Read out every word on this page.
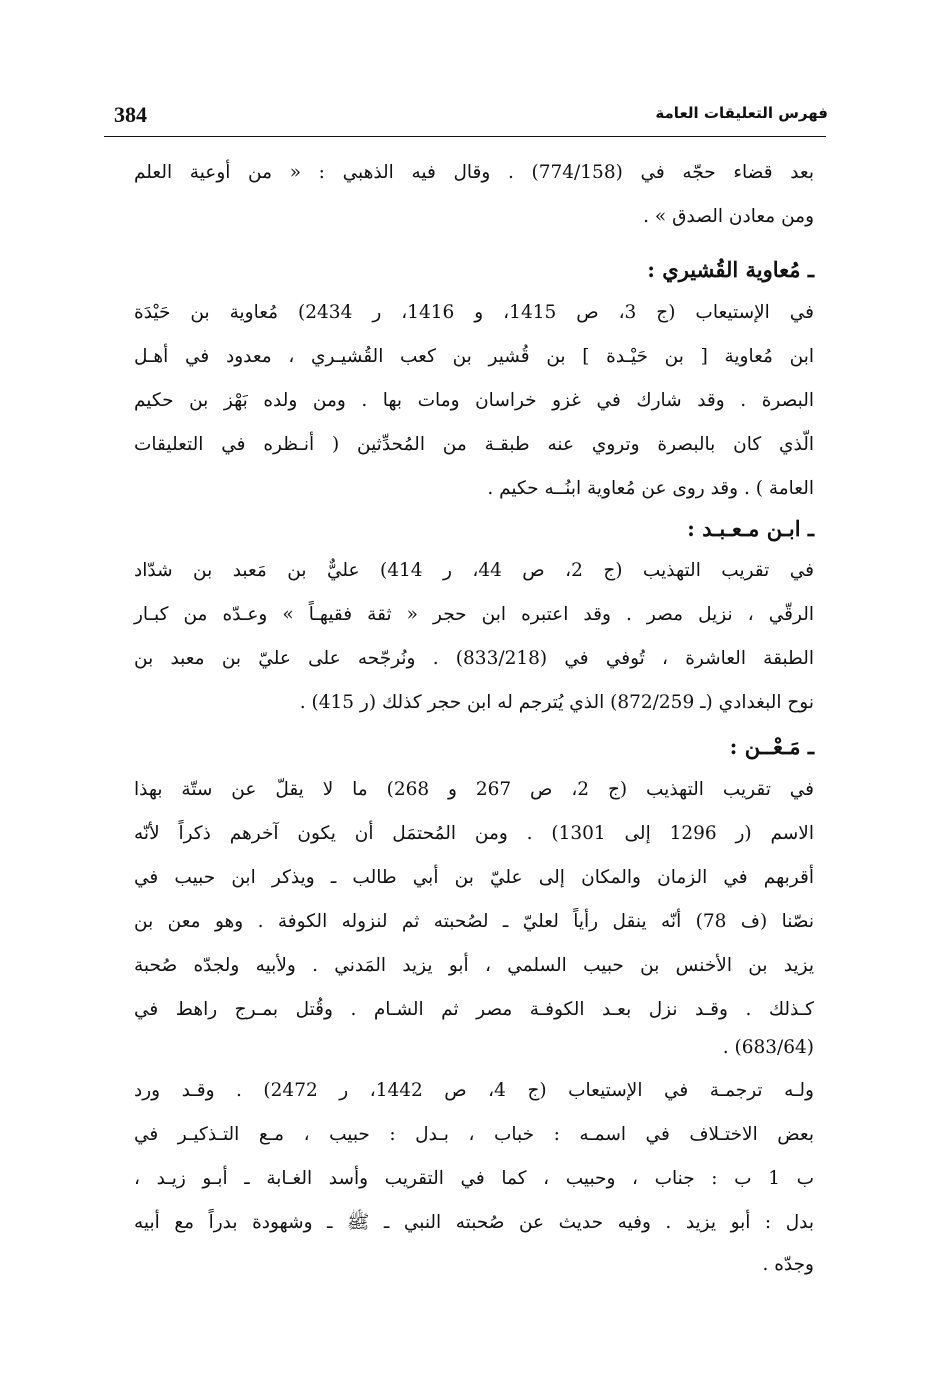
384	فهرس التعليقات العامة
بعد قضاء حجّه في (774/158) . وقال فيه الذهبي : « من أوعية العلم
ومن معادن الصدق » .
ـ مُعاوية القُشيري :
في الإستيعاب (ج 3، ص 1415، و 1416، ر 2434) مُعاوية بن حَيْدَة
ابن مُعاوية [ بن حَيْـدة ] بن قُشير بن كعب القُشيـري ، معدود في أهـل
البصرة . وقد شارك في غزو خراسان ومات بها . ومن ولده بَهْز بن حكيم
الّذي كان بالبصرة وتروي عنه طبقـة من المُحدِّثين ( أنـظره في التعليقات
العامة ) . وقد روى عن مُعاوية ابنُــه حكيم .
ـ ابـن مـعـبـد :
في تقريب التهذيب (ج 2، ص 44، ر 414) عليٌّ بن مَعبد بن شدّاد
الرقّي ، نزيل مصر . وقد اعتبره ابن حجر « ثقة فقيهـاً » وعـدّه من كبـار
الطبقة العاشرة ، تُوفي في (833/218) . ونُرجّحه على عليّ بن معبد بن
نوح البغدادي (ـ 872/259) الذي يُترجم له ابن حجر كذلك (ر 415) .
ـ مَـعْــن :
في تقريب التهذيب (ج 2، ص 267 و 268) ما لا يقلّ عن ستّة بهذا
الاسم (ر 1296 إلى 1301) . ومن المُحتمَل أن يكون آخرهم ذكراً لأنّه
أقربهم في الزمان والمكان إلى عليّ بن أبي طالب ـ ويذكر ابن حبيب في
نصّنا (ف 78) أنّه ينقل رأياً لعليّ ـ لصُحبته ثم لنزوله الكوفة . وهو معن بن
يزيد بن الأخنس بن حبيب السلمي ، أبو يزيد المَدني . ولأبيه ولجدّه صُحبة
كـذلك . وقـد نزل بعـد الكوفـة مصر ثم الشـام . وقُتل بمـرج راهط في
(683/64) .
ولـه ترجمـة في الإستيعاب (ج 4، ص 1442، ر 2472) . وقـد ورد
بعض الاختـلاف في اسمـه : خباب ، بـدل : حبيب ، مـع التـذكيـر في
ب 1 ب : جناب ، وحبيب ، كما في التقريب وأسد الغـابة ـ أبـو زيـد ،
بدل : أبو يزيد . وفيه حديث عن صُحبته النبي ـ ﷺ ـ وشهودة بدراً مع أبيه
وجدّه .
